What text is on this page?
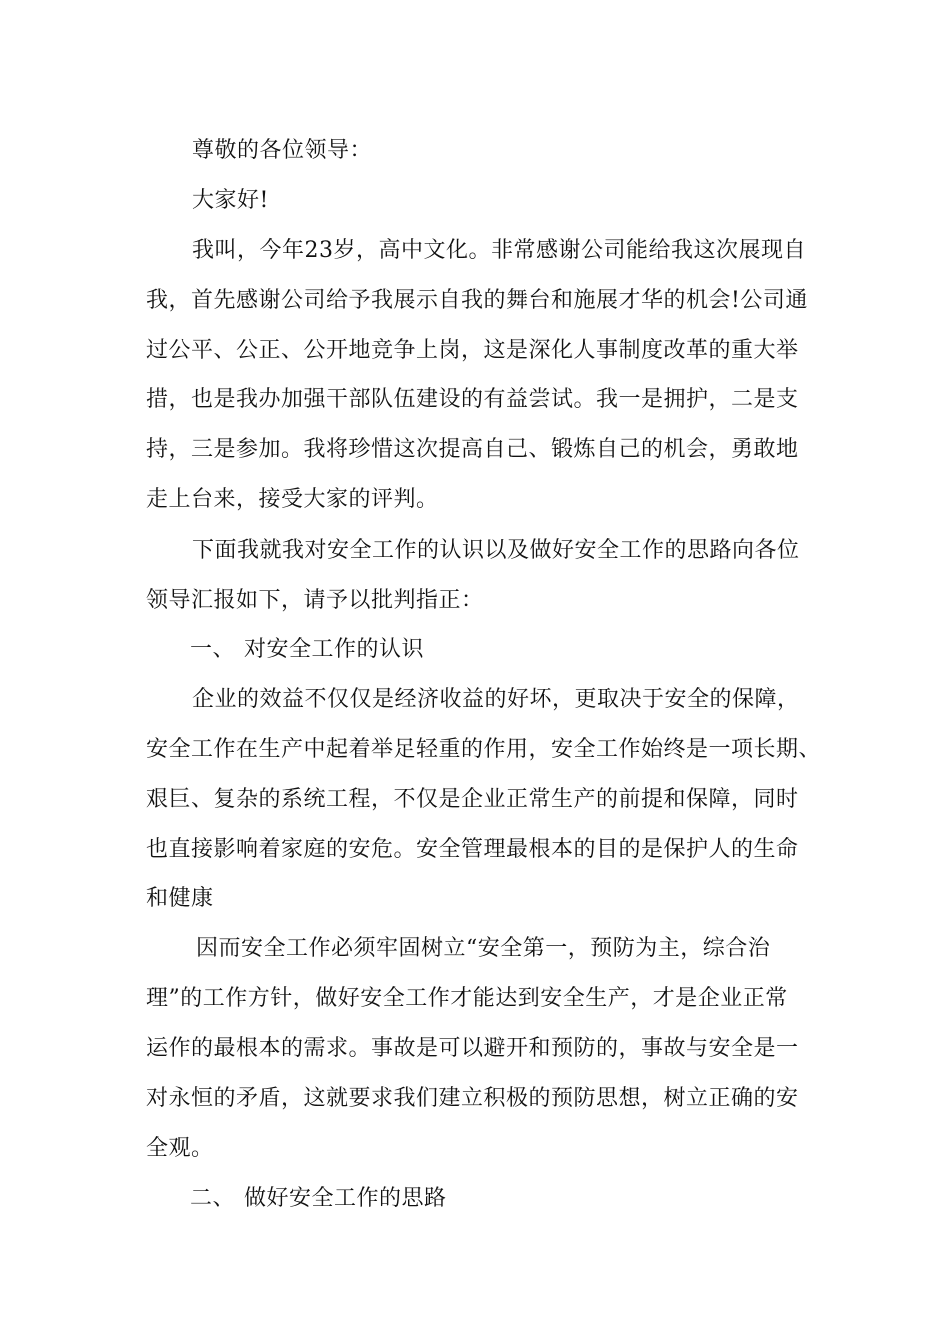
尊敬的各位领导：
大家好!
我叫，今年23岁，高中文化。非常感谢公司能给我这次展现自
我，首先感谢公司给予我展示自我的舞台和施展才华的机会!公司通
过公平、公正、公开地竞争上岗，这是深化人事制度改革的重大举
措，也是我办加强干部队伍建设的有益尝试。我一是拥护，二是支
持，三是参加。我将珍惜这次提高自己、锻炼自己的机会，勇敢地
走上台来，接受大家的评判。
下面我就我对安全工作的认识以及做好安全工作的思路向各位
领导汇报如下，请予以批判指正：
一、 对安全工作的认识
企业的效益不仅仅是经济收益的好坏，更取决于安全的保障，
安全工作在生产中起着举足轻重的作用，安全工作始终是一项长期、
艰巨、复杂的系统工程，不仅是企业正常生产的前提和保障，同时
也直接影响着家庭的安危。安全管理最根本的目的是保护人的生命
和健康
因而安全工作必须牢固树立“安全第一，预防为主，综合治
理”的工作方针，做好安全工作才能达到安全生产，才是企业正常
运作的最根本的需求。事故是可以避开和预防的，事故与安全是一
对永恒的矛盾，这就要求我们建立积极的预防思想，树立正确的安
全观。
二、 做好安全工作的思路
